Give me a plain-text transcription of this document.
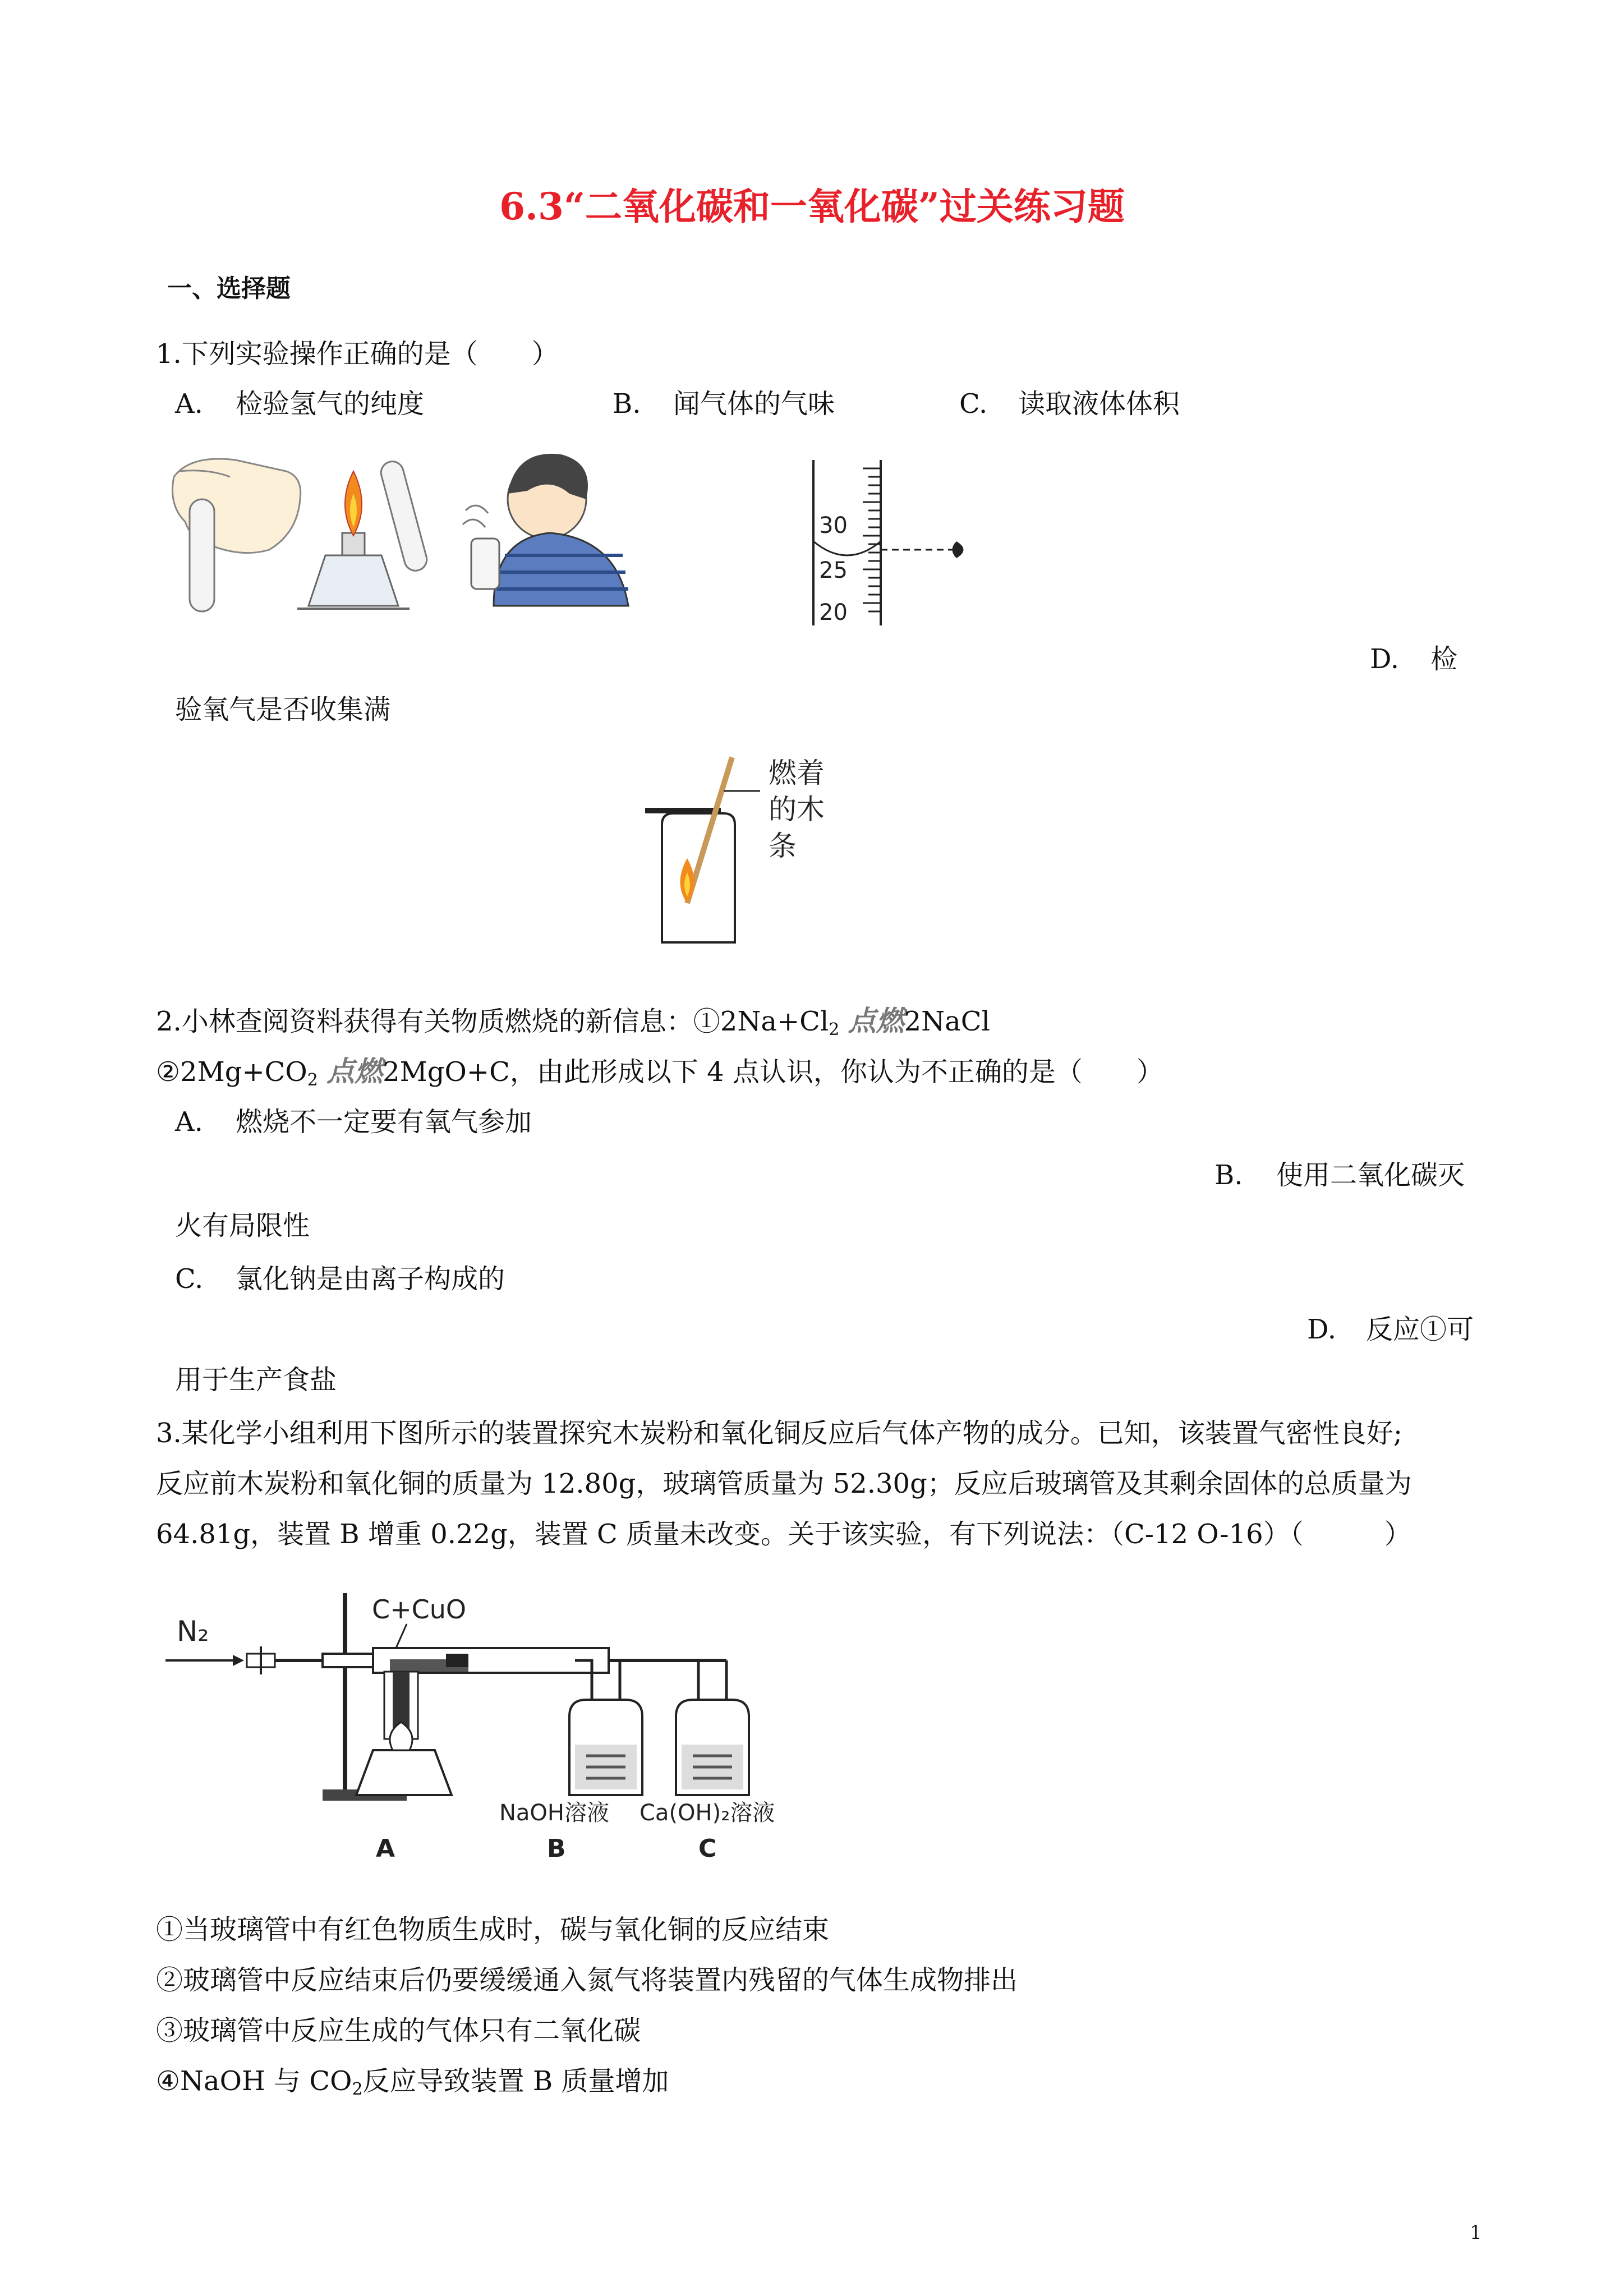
6.3“二氧化碳和一氧化碳”过关练习题
一、选择题
1.下列实验操作正确的是（　　）
A. 检验氢气的纯度	B. 闻气体的气味	C. 读取液体体积
30
25
20
D. 检
验氧气是否收集满
燃着
的木
条
2.小林查阅资料获得有关物质燃烧的新信息：$①2Na+Cl_2$ 点燃2NaCl
$②2Mg+CO_2$ 点燃2MgO+C，由此形成以下 4 点认识，你认为不正确的是（　　）
A. 燃烧不一定要有氧气参加
B. 使用二氧化碳灭
火有局限性
C. 氯化钠是由离子构成的
D. 反应①可
用于生产食盐
3.某化学小组利用下图所示的装置探究木炭粉和氧化铜反应后气体产物的成分。已知，该装置气密性良好;
反应前木炭粉和氧化铜的质量为 12.80g，玻璃管质量为 52.30g；反应后玻璃管及其剩余固体的总质量为
64.81g，装置 B 增重 0.22g，装置 C 质量未改变。关于该实验，有下列说法：（C-12 O-16）（　　　）
N₂
C+CuO
NaOH溶液 Ca(OH)₂溶液
A	B	C
①当玻璃管中有红色物质生成时，碳与氧化铜的反应结束
②玻璃管中反应结束后仍要缓缓通入氮气将装置内残留的气体生成物排出
③玻璃管中反应生成的气体只有二氧化碳
④NaOH 与 $CO_2$反应导致装置 B 质量增加
1
